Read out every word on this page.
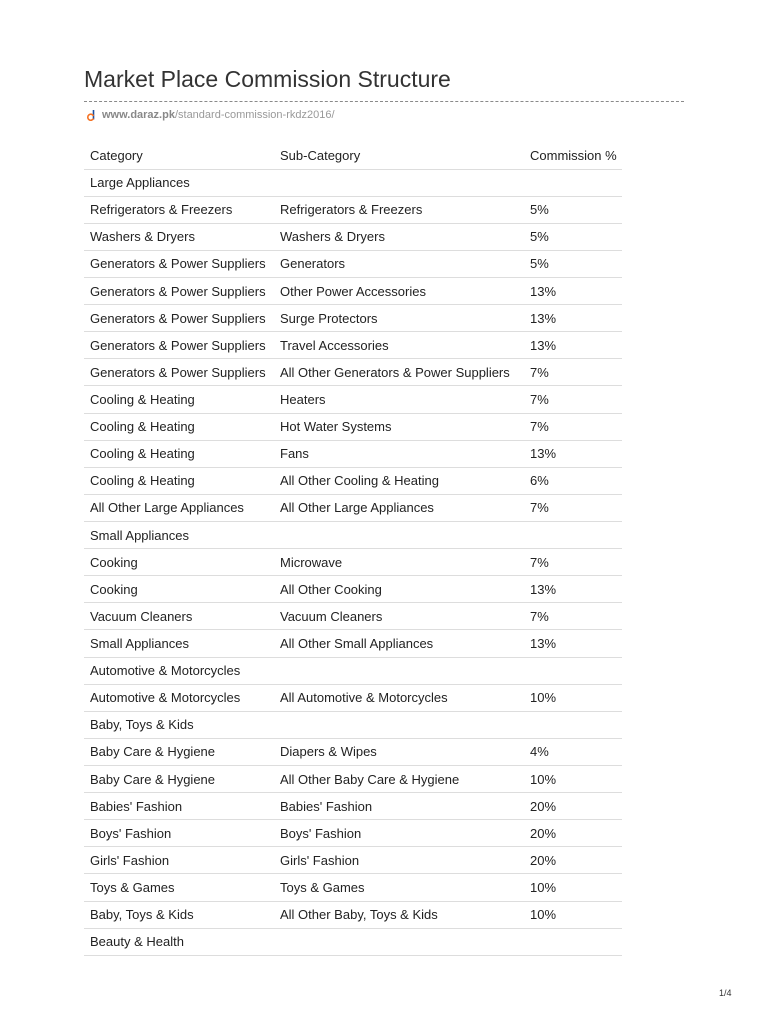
Market Place Commission Structure
www.daraz.pk /standard-commission-rkdz2016/
Category	Sub-Category	Commission %
Large Appliances		
Refrigerators & Freezers	Refrigerators & Freezers	5%
Washers & Dryers	Washers & Dryers	5%
Generators & Power Suppliers	Generators	5%
Generators & Power Suppliers	Other Power Accessories	13%
Generators & Power Suppliers	Surge Protectors	13%
Generators & Power Suppliers	Travel Accessories	13%
Generators & Power Suppliers	All Other Generators & Power Suppliers	7%
Cooling & Heating	Heaters	7%
Cooling & Heating	Hot Water Systems	7%
Cooling & Heating	Fans	13%
Cooling & Heating	All Other Cooling & Heating	6%
All Other Large Appliances	All Other Large Appliances	7%
Small Appliances		
Cooking	Microwave	7%
Cooking	All Other Cooking	13%
Vacuum Cleaners	Vacuum Cleaners	7%
Small Appliances	All Other Small Appliances	13%
Automotive & Motorcycles		
Automotive & Motorcycles	All Automotive & Motorcycles	10%
Baby, Toys & Kids		
Baby Care & Hygiene	Diapers & Wipes	4%
Baby Care & Hygiene	All Other Baby Care & Hygiene	10%
Babies' Fashion	Babies' Fashion	20%
Boys' Fashion	Boys' Fashion	20%
Girls' Fashion	Girls' Fashion	20%
Toys & Games	Toys & Games	10%
Baby, Toys & Kids	All Other Baby, Toys & Kids	10%
Beauty & Health		
1/4
